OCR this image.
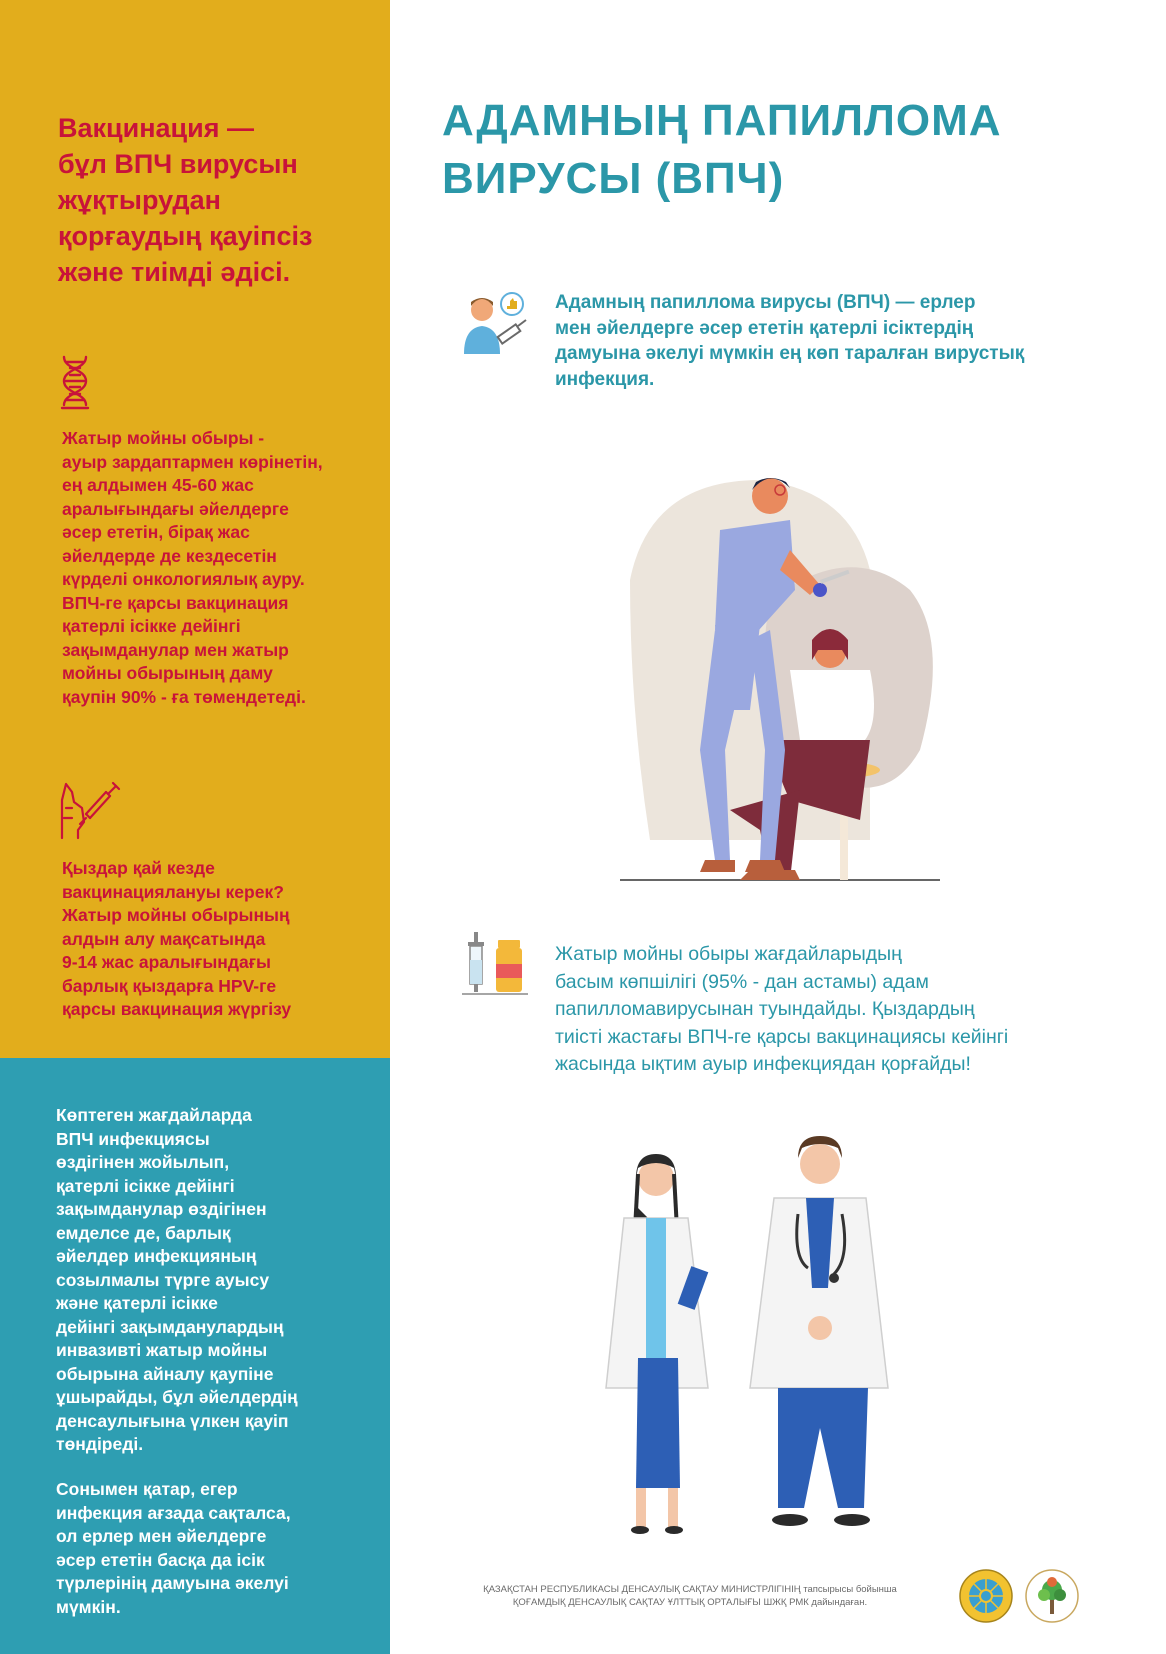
Вакцинация —
бұл ВПЧ вирусын
жұқтырудан
қорғаудың қауіпсіз
және тиімді әдісі.
Жатыр мойны обыры -
ауыр зардаптармен көрінетін,
ең алдымен 45-60 жас
аралығындағы әйелдерге
әсер ететін, бірақ жас
әйелдерде де кездесетін
күрделі онкологиялық ауру.
ВПЧ-ге қарсы вакцинация
қатерлі ісікке дейінгі
зақымданулар мен жатыр
мойны обырының даму
қаупін 90% - ға төмендетеді.
Қыздар қай кезде
вакцинациялануы керек?
Жатыр мойны обырының
алдын алу мақсатында
9-14 жас аралығындағы
барлық қыздарға HPV-ге
қарсы вакцинация жүргізу
Көптеген жағдайларда
ВПЧ инфекциясы
өздігінен жойылып,
қатерлі ісікке дейінгі
зақымданулар өздігінен
емделсе де, барлық
әйелдер инфекцияның
созылмалы түрге ауысу
және қатерлі ісікке
дейінгі зақымданулардың
инвазивті жатыр мойны
обырына айналу қаупіне
ұшырайды, бұл әйелдердің
денсаулығына үлкен қауіп
төндіреді.
Сонымен қатар, егер
инфекция ағзада сақталса,
ол ерлер мен әйелдерге
әсер ететін басқа да ісік
түрлерінің дамуына әкелуі
мүмкін.
АДАМНЫҢ ПАПИЛЛОМА
ВИРУСЫ (ВПЧ)
Адамның папиллома вирусы (ВПЧ) — ерлер
мен әйелдерге әсер ететін қатерлі ісіктердің
дамуына әкелуі мүмкін ең көп таралған вирустық
инфекция.
Жатыр мойны обыры жағдайларыдың
басым көпшілігі (95% - дан астамы) адам
папилломавирусынан туындайды. Қыздардың
тиісті жастағы ВПЧ-ге қарсы вакцинациясы кейінгі
жасында ықтим ауыр инфекциядан қорғайды!
ҚАЗАҚСТАН РЕСПУБЛИКАСЫ ДЕНСАУЛЫҚ САҚТАУ МИНИСТРЛІГІНІҢ тапсырысы бойынша
ҚОҒАМДЫҚ ДЕНСАУЛЫҚ САҚТАУ ҰЛТТЫҚ ОРТАЛЫҒЫ ШЖҚ РМК дайындаған.
